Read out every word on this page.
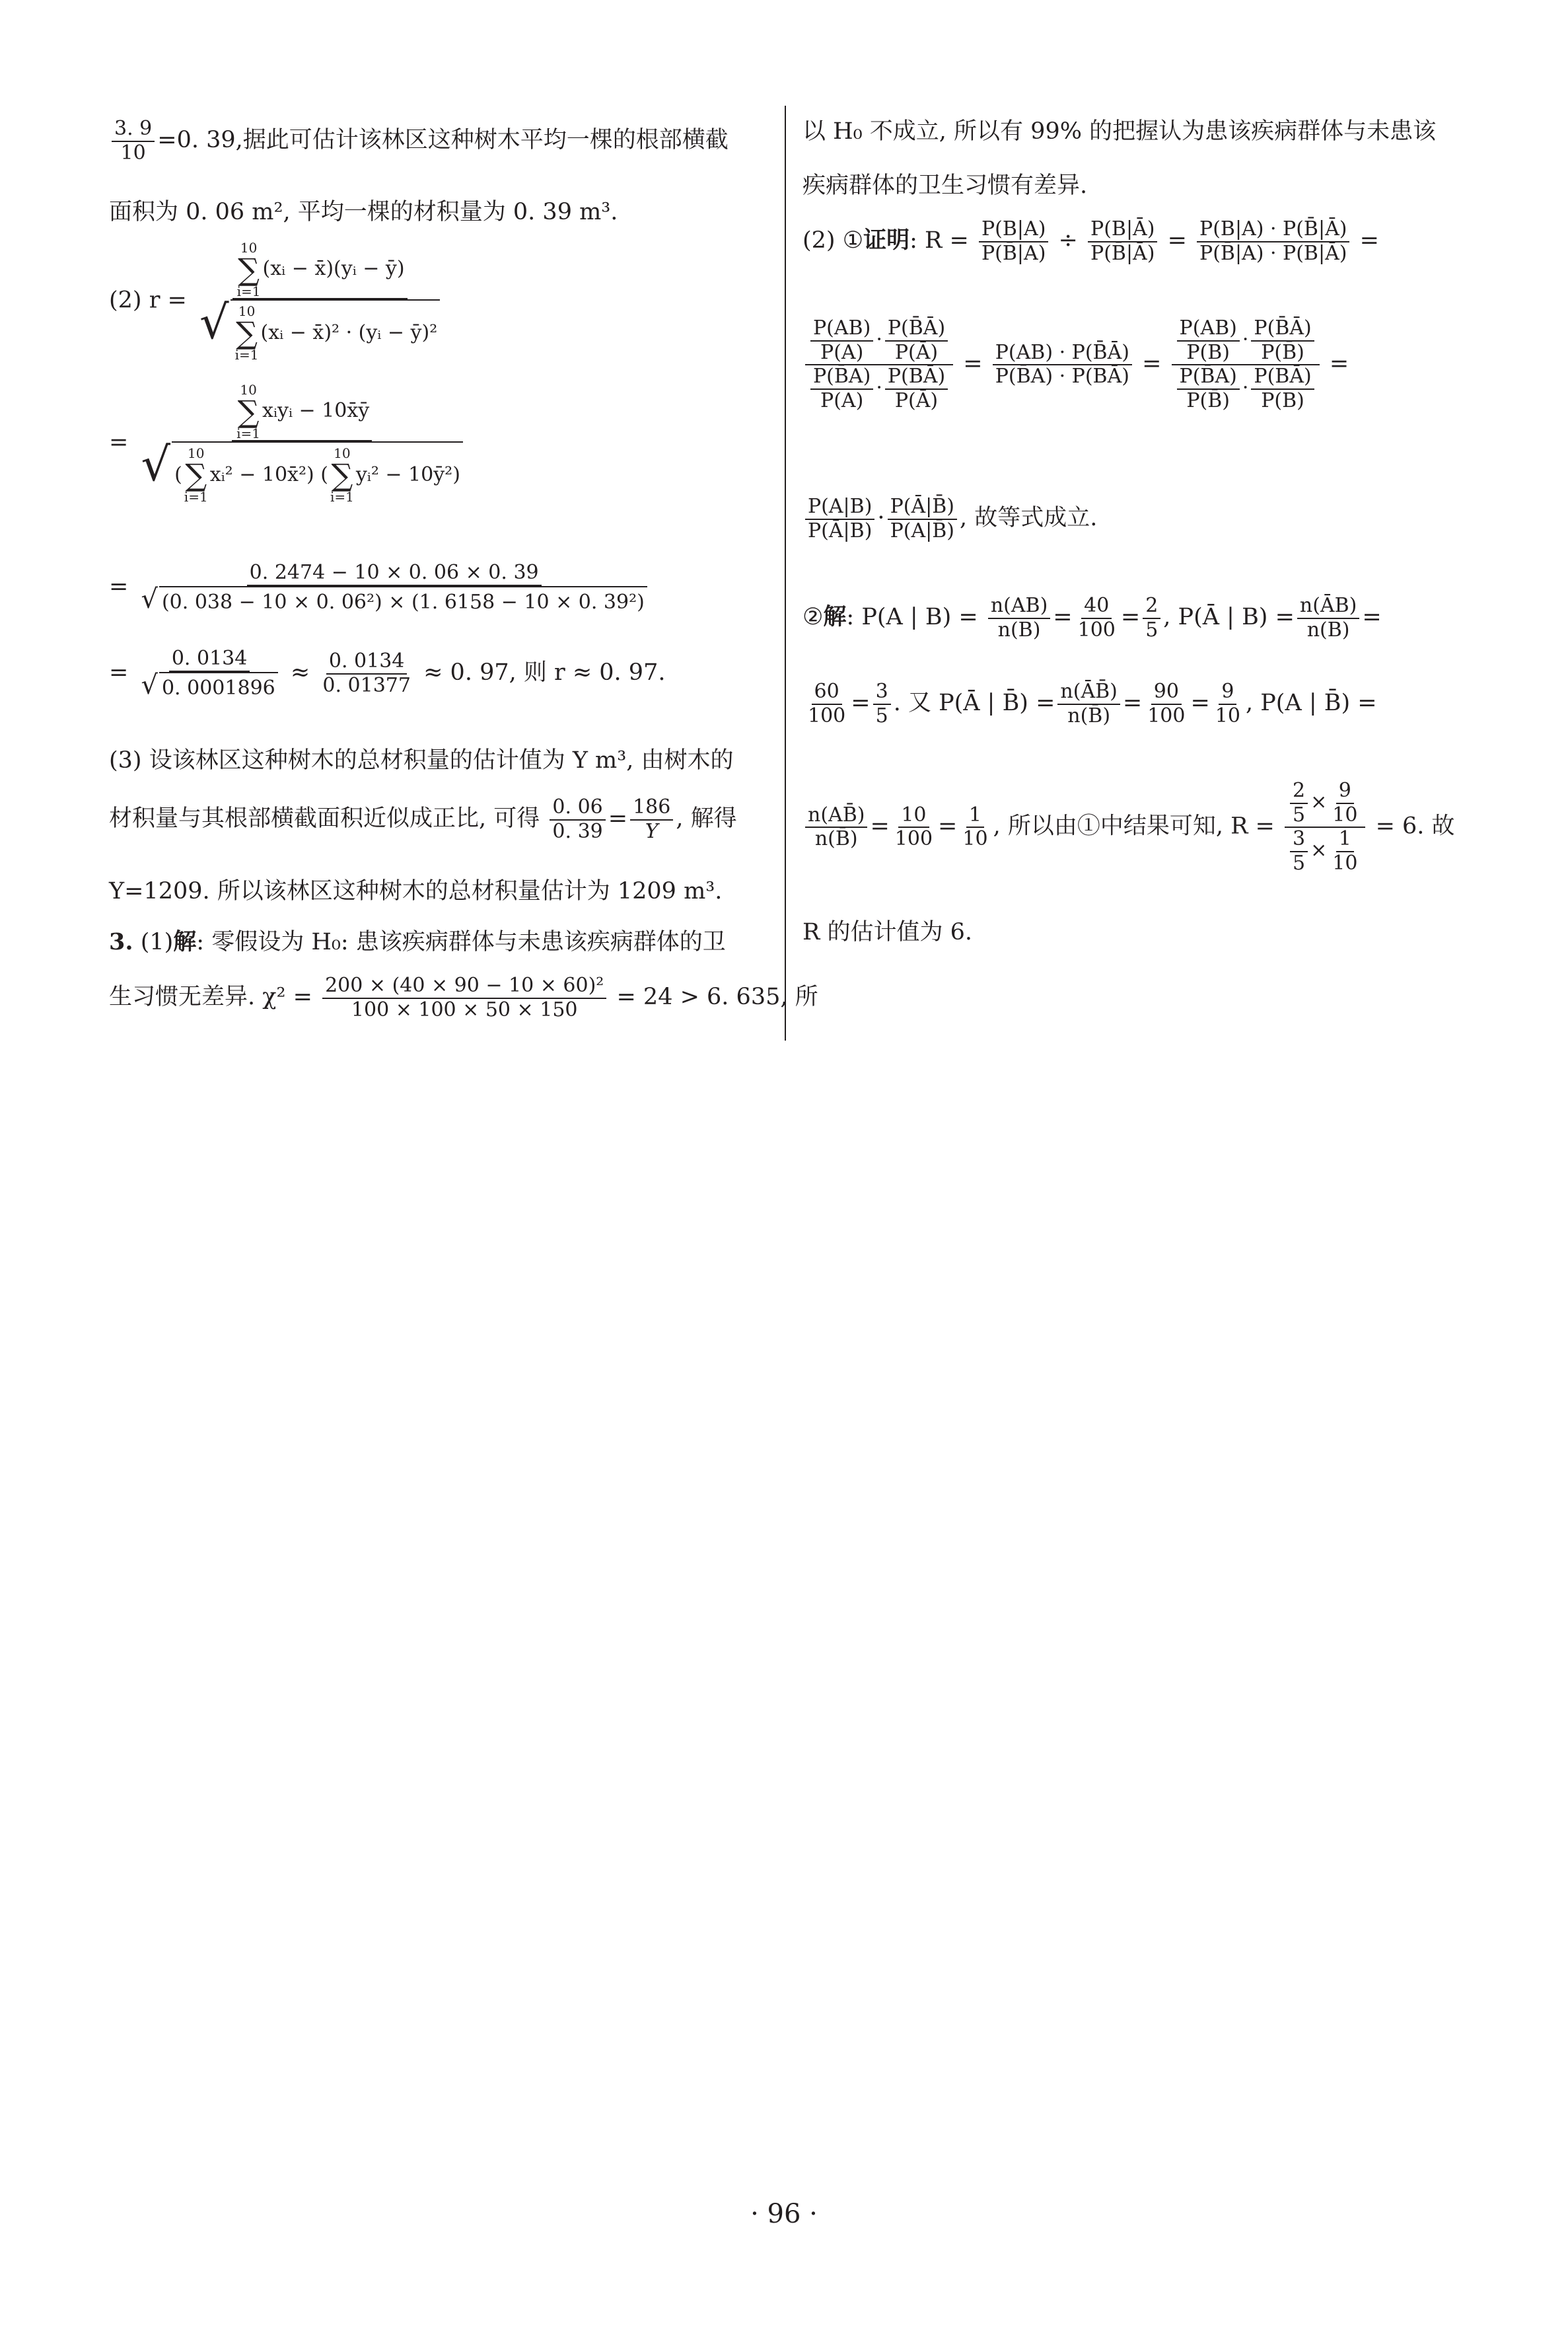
$\frac{3. 9}{10} =0$. 39,据此可估计该林区这种树木平均一棵的根部横截
面积为 0. 06 m², 平均一棵的材积量为 0. 39 m³.
(2) r = 10
∑
i=1
(xᵢ − x̄)(yᵢ − ȳ)
√ 10
∑
i=1
(xᵢ − x̄)² · (yᵢ − ȳ)²
= 10
∑
i=1
xᵢyᵢ − 10x̄ȳ
√ (
10
∑
i=1
xᵢ² − 10x̄² ) (
10
∑
i=1
yᵢ² − 10ȳ² )
= $\frac{0. 2474 - 10 \times 0. 06 \times 0. 39}{\text{√ (0. 038 − 10 × 0. 06²) × (1. 6158 − 10 × 0. 39²)}}$
= $\frac{0. 0134}{√ 0. 0001896} \approx \frac{0. 0134}{0. 01377} \approx 0$. 97, 则 r ≈ 0. 97.
(3) 设该林区这种树木的总材积量的估计值为 Y m³, 由树木的
材积量与其根部横截面积近似成正比, 可得 $\frac{0. 06}{0. 39} = \frac{186}{Y}$ , 解得
Y=1209. 所以该林区这种树木的总材积量估计为 1209 m³.
3. (1)解: 零假设为 H₀: 患该疾病群体与未患该疾病群体的卫
生习惯无差异. $\chi^2 = \frac{\text{200 × (40 × 90 − 10 × 60)²}}{100 \times 100 \times 50 \times 150} = 24 > 6$. 635, 所
以 H₀ 不成立, 所以有 99% 的把握认为患该疾病群体与未患该
疾病群体的卫生习惯有差异.
(2) ①证明: $R = \frac{P(B|A)}{P(B̄|A)} \div \frac{P(B|Ā)}{P(B̄|Ā)} = \frac{P(B|A) \cdot P(B̄|Ā)}{P(B̄|A) \cdot P(B|Ā)}$ =
$\frac{\frac{P(AB)}{P(A)} \cdot \frac{P(B̄Ā)}{P(Ā)}}{\frac{P(B̄A)}{P(A)} \cdot \frac{P(BĀ)}{P(Ā)}} = \frac{P(AB) \cdot P(B̄Ā)}{P(B̄A) \cdot P(BĀ)} = \frac{\frac{P(AB)}{P(B)} \cdot \frac{P(B̄Ā)}{P(B̄)}}{\frac{P(B̄A)}{P(B̄)} \cdot \frac{P(BĀ)}{P(B)}}$ =
$\frac{P(A|B)}{P(Ā|B)} \cdot \frac{P(Ā|B̄)}{P(A|B̄)}$ , 故等式成立.
②解: P(A | $B) = \frac{n(AB)}{n(B)} = \frac{40}{100} = \frac{2}{5}$ , P(Ā | $B) = \frac{n(ĀB)}{n(B)}$ =
$\frac{60}{100} = \frac{3}{5}$ . 又 P(Ā | B̄) = $\frac{n(ĀB̄)}{n(B̄)} = \frac{90}{100} = \frac{9}{10}$ , P(A | B̄) =
$\frac{n(AB̄)}{n(B̄)} = \frac{10}{100} = \frac{1}{10}$ , 所以由①中结果可知, $R = \frac{\frac{2}{5} \times \frac{9}{10}}{\frac{3}{5} \times \frac{1}{10}} = 6$. 故
R 的估计值为 6.
· 96 ·
